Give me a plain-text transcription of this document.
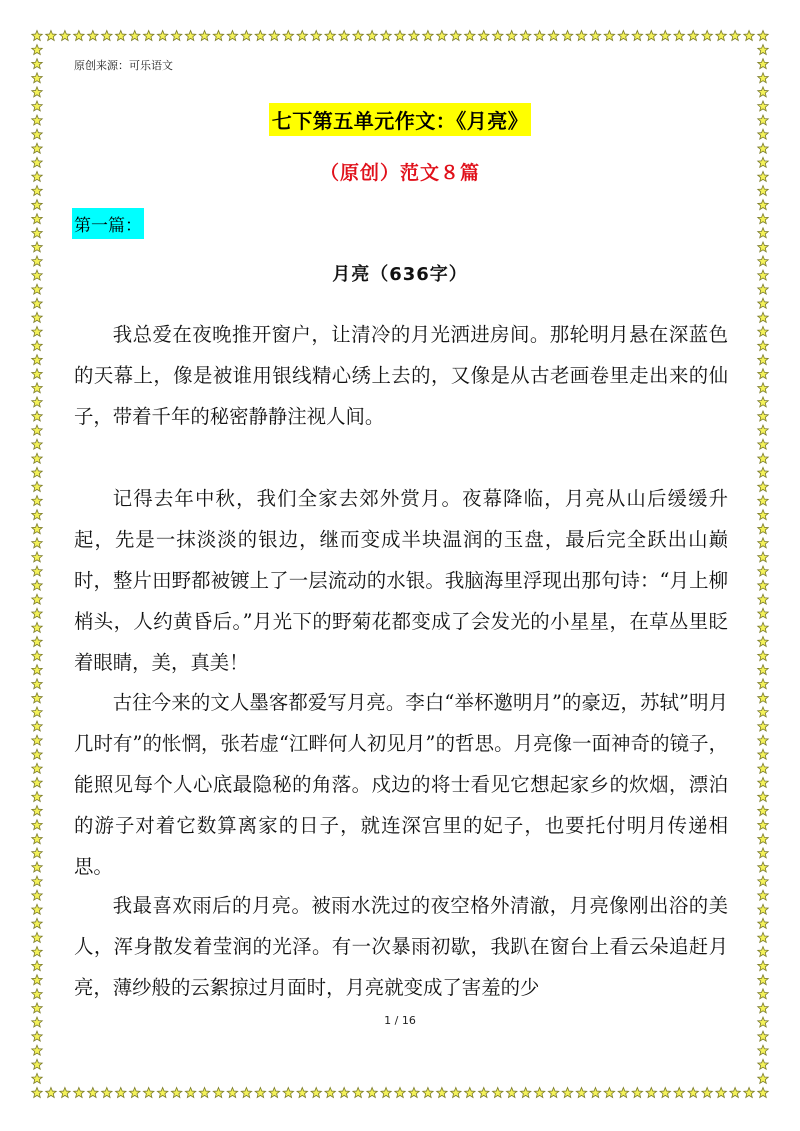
原创来源：可乐语文
七下第五单元作文：《月亮》
（原创）范文８篇
第一篇：
月亮（636字）

我总爱在夜晚推开窗户，让清冷的月光洒进房间。那轮明月悬在深蓝色的天幕上，像是被谁用银线精心绣上去的，又像是从古老画卷里走出来的仙子，带着千年的秘密静静注视人间。

记得去年中秋，我们全家去郊外赏月。夜幕降临，月亮从山后缓缓升起，先是一抹淡淡的银边，继而变成半块温润的玉盘，最后完全跃出山巅时，整片田野都被镀上了一层流动的水银。我脑海里浮现出那句诗：“月上柳梢头，人约黄昏后。”月光下的野菊花都变成了会发光的小星星，在草丛里眨着眼睛，美，真美！

古往今来的文人墨客都爱写月亮。李白“举杯邀明月”的豪迈，苏轼”明月几时有”的怅惘，张若虚“江畔何人初见月”的哲思。月亮像一面神奇的镜子，能照见每个人心底最隐秘的角落。戍边的将士看见它想起家乡的炊烟，漂泊的游子对着它数算离家的日子，就连深宫里的妃子，也要托付明月传递相思。

我最喜欢雨后的月亮。被雨水洗过的夜空格外清澈，月亮像刚出浴的美人，浑身散发着莹润的光泽。有一次暴雨初歇，我趴在窗台上看云朵追赶月亮，薄纱般的云絮掠过月面时，月亮就变成了害羞的少

1 / 16
